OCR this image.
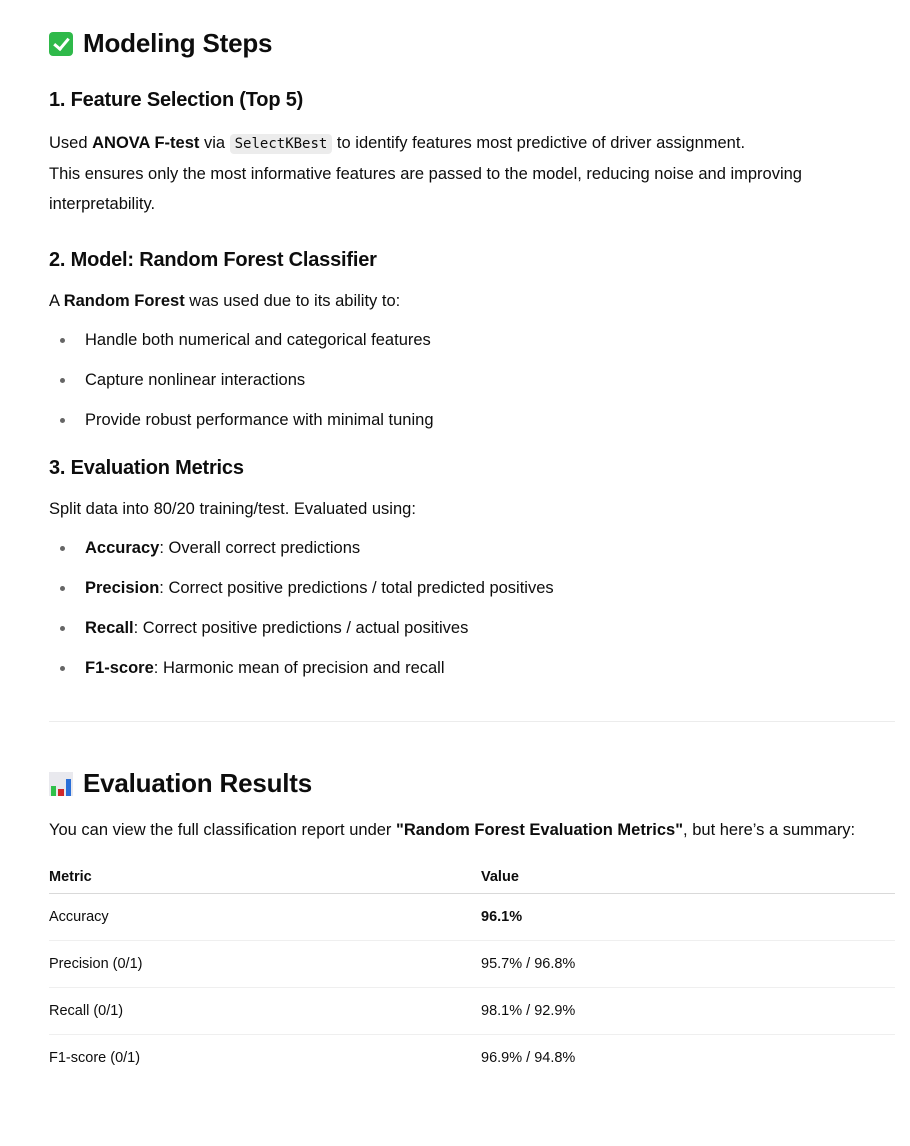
Modeling Steps
1. Feature Selection (Top 5)

Used ANOVA F-test via SelectKBest to identify features most predictive of driver assignment.
This ensures only the most informative features are passed to the model, reducing noise and improving interpretability.

2. Model: Random Forest Classifier

A Random Forest was used due to its ability to:

Handle both numerical and categorical features
Capture nonlinear interactions
Provide robust performance with minimal tuning
3. Evaluation Metrics

Split data into 80/20 training/test. Evaluated using:

Accuracy: Overall correct predictions
Precision: Correct positive predictions / total predicted positives
Recall: Correct positive predictions / actual positives
F1-score: Harmonic mean of precision and recall
Evaluation Results

You can view the full classification report under "Random Forest Evaluation Metrics", but here’s a summary:

Metric	Value
Accuracy	96.1%
Precision (0/1)	95.7% / 96.8%
Recall (0/1)	98.1% / 92.9%
F1-score (0/1)	96.9% / 94.8%
